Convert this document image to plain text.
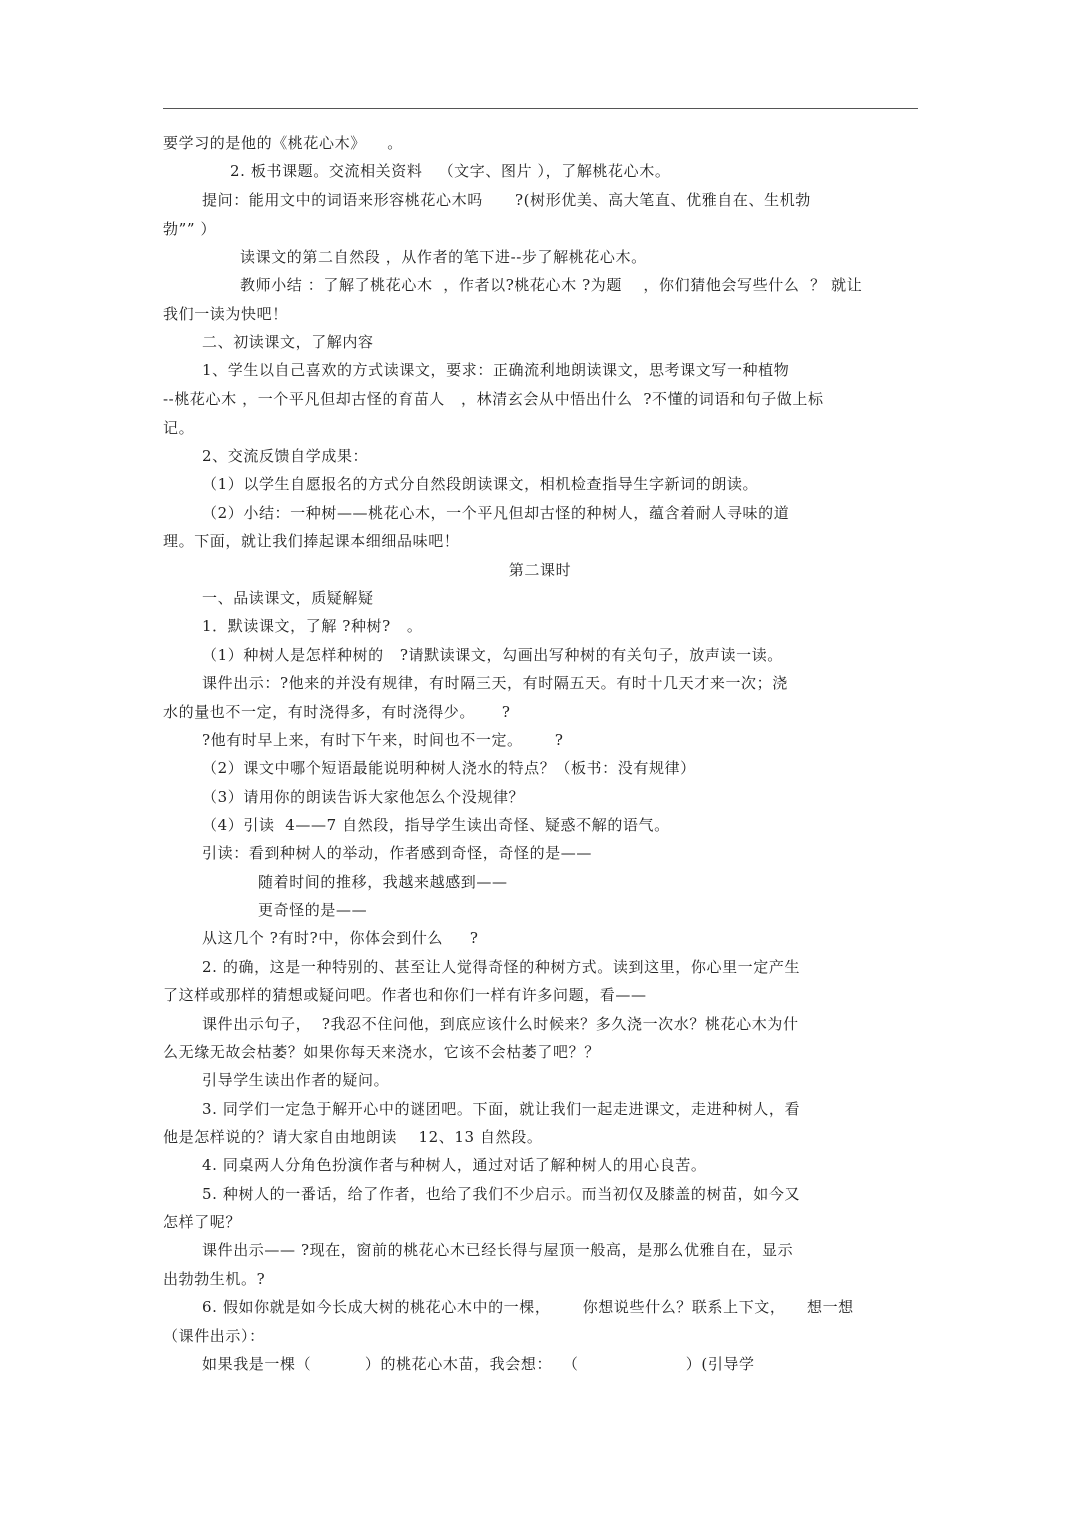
要学习的是他的《桃花心木》    。
2. 板书课题。交流相关资料   （文字、图片 ），了解桃花心木。
提问：能用文中的词语来形容桃花心木吗      ?(树形优美、高大笔直、优雅自在、生机勃
勃”” ）
读课文的第二自然段 ，从作者的笔下进--步了解桃花心木。
教师小结 ：了解了桃花心木  ，作者以?桃花心木 ?为题    ，你们猜他会写些什么  ？ 就让
我们一读为快吧！
二、初读课文，了解内容
1、学生以自己喜欢的方式读课文，要求：正确流利地朗读课文，思考课文写一种植物
--桃花心木 ，一个平凡但却古怪的育苗人   ，林清玄会从中悟出什么  ?不懂的词语和句子做上标
记。
2、交流反馈自学成果：
（1）以学生自愿报名的方式分自然段朗读课文，相机检查指导生字新词的朗读。
（2）小结：一种树——桃花心木，一个平凡但却古怪的种树人，蕴含着耐人寻味的道
理。下面，就让我们捧起课本细细品味吧！
第二课时
一、品读课文，质疑解疑
1．默读课文，了解 ?种树?   。
（1）种树人是怎样种树的   ?请默读课文，勾画出写种树的有关句子，放声读一读。
课件出示：?他来的并没有规律，有时隔三天，有时隔五天。有时十几天才来一次；浇
水的量也不一定，有时浇得多，有时浇得少。     ?
?他有时早上来，有时下午来，时间也不一定。      ?
（2）课文中哪个短语最能说明种树人浇水的特点？（板书：没有规律）
（3）请用你的朗读告诉大家他怎么个没规律？
（4）引读  4——7 自然段，指导学生读出奇怪、疑惑不解的语气。
引读：看到种树人的举动，作者感到奇怪，奇怪的是——
随着时间的推移，我越来越感到——
更奇怪的是——
从这几个 ?有时?中，你体会到什么     ?
2. 的确，这是一种特别的、甚至让人觉得奇怪的种树方式。读到这里，你心里一定产生
了这样或那样的猜想或疑问吧。作者也和你们一样有许多问题，看——
课件出示句子，  ?我忍不住问他，到底应该什么时候来？多久浇一次水？桃花心木为什
么无缘无故会枯萎？如果你每天来浇水，它该不会枯萎了吧？？
引导学生读出作者的疑问。
3. 同学们一定急于解开心中的谜团吧。下面，就让我们一起走进课文，走进种树人，看
他是怎样说的？请大家自由地朗读    12、13 自然段。
4. 同桌两人分角色扮演作者与种树人，通过对话了解种树人的用心良苦。
5. 种树人的一番话，给了作者，也给了我们不少启示。而当初仅及膝盖的树苗，如今又
怎样了呢？
课件出示—— ?现在，窗前的桃花心木已经长得与屋顶一般高，是那么优雅自在，显示
出勃勃生机。?
6. 假如你就是如今长成大树的桃花心木中的一棵，      你想说些什么？联系上下文，    想一想
（课件出示）：
如果我是一棵（          ）的桃花心木苗，我会想：  （                    ）(引导学
